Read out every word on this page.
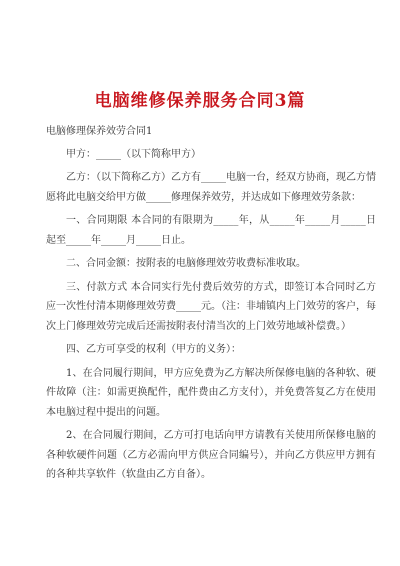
电脑维修保养服务合同3篇

电脑修理保养效劳合同1

甲方：_____（以下简称甲方）

乙方：（以下简称乙方）乙方有_____电脑一台，经双方协商，现乙方情愿将此电脑交给甲方做_____修理保养效劳，并达成如下修理效劳条款：

一、合同期限 本合同的有限期为_____年，从_____年_____月_____日起至_____年_____月_____日止。

二、合同金额：按附表的电脑修理效劳收费标准收取。

三、付款方式 本合同实行先付费后效劳的方式，即签订本合同时乙方应一次性付清本期修理效劳费_____元。（注：非埔镇内上门效劳的客户，每次上门修理效劳完成后还需按附表付清当次的上门效劳地域补偿费。）

四、乙方可享受的权利（甲方的义务）：

1、在合同履行期间，甲方应免费为乙方解决所保修电脑的各种软、硬件故障（注：如需更换配件，配件费由乙方支付），并免费答复乙方在使用本电脑过程中提出的问题。

2、在合同履行期间，乙方可打电话向甲方请教有关使用所保修电脑的各种软硬件问题（乙方必需向甲方供应合同编号），并向乙方供应甲方拥有的各种共享软件（软盘由乙方自备）。
